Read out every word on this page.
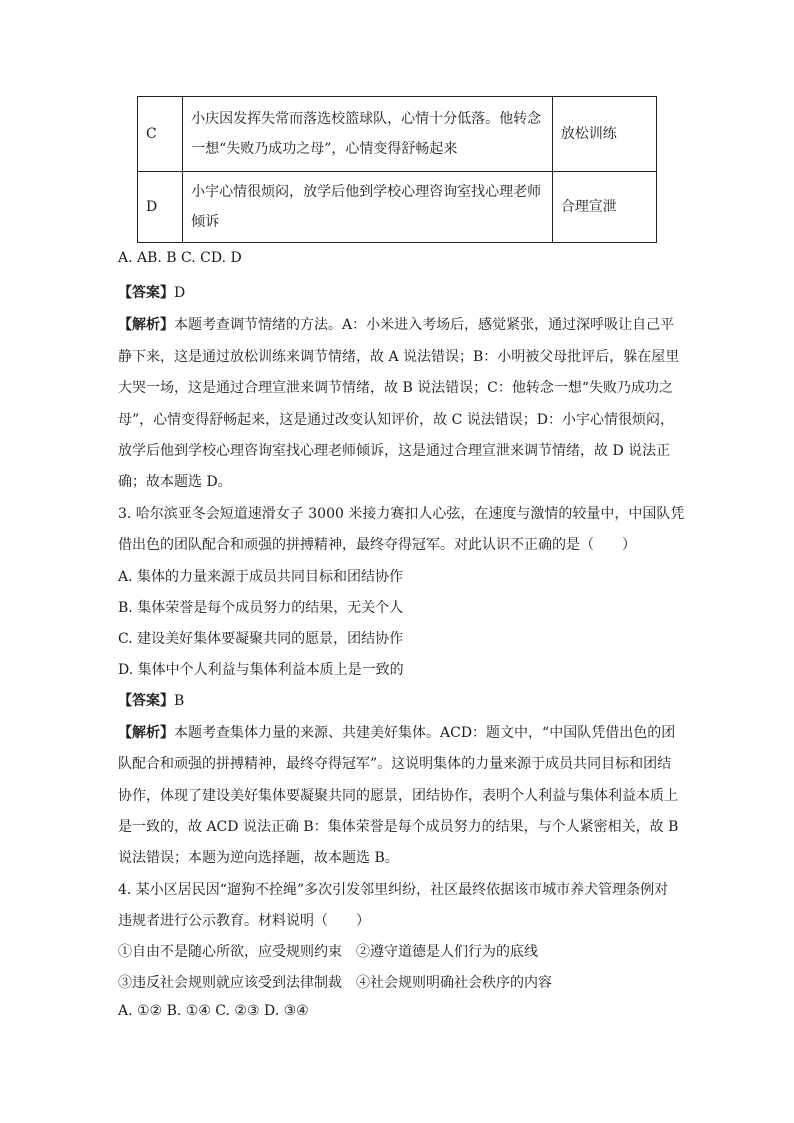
C	小庆因发挥失常而落选校篮球队，心情十分低落。他转念
一想“失败乃成功之母”，心情变得舒畅起来	放松训练
D	小宇心情很烦闷，放学后他到学校心理咨询室找心理老师
倾诉	合理宣泄
A. AB. B C. CD. D
【答案】D
【解析】本题考查调节情绪的方法。A：小米进入考场后，感觉紧张，通过深呼吸让自己平
静下来，这是通过放松训练来调节情绪，故 A 说法错误；B：小明被父母批评后，躲在屋里
大哭一场，这是通过合理宣泄来调节情绪，故 B 说法错误；C：他转念一想“失败乃成功之
母”，心情变得舒畅起来，这是通过改变认知评价，故 C 说法错误；D：小宇心情很烦闷，
放学后他到学校心理咨询室找心理老师倾诉，这是通过合理宣泄来调节情绪，故 D 说法正
确；故本题选 D。
3. 哈尔滨亚冬会短道速滑女子 3000 米接力赛扣人心弦，在速度与激情的较量中，中国队凭
借出色的团队配合和顽强的拼搏精神，最终夺得冠军。对此认识不正确的是（　　）
A. 集体的力量来源于成员共同目标和团结协作
B. 集体荣誉是每个成员努力的结果，无关个人
C. 建设美好集体要凝聚共同的愿景，团结协作
D. 集体中个人利益与集体利益本质上是一致的
【答案】B
【解析】本题考查集体力量的来源、共建美好集体。ACD：题文中，“中国队凭借出色的团
队配合和顽强的拼搏精神，最终夺得冠军”。这说明集体的力量来源于成员共同目标和团结
协作，体现了建设美好集体要凝聚共同的愿景，团结协作，表明个人利益与集体利益本质上
是一致的，故 ACD 说法正确 B：集体荣誉是每个成员努力的结果，与个人紧密相关，故 B
说法错误；本题为逆向选择题，故本题选 B。
4. 某小区居民因“遛狗不拴绳”多次引发邻里纠纷，社区最终依据该市城市养犬管理条例对
违规者进行公示教育。材料说明（　　）
①自由不是随心所欲，应受规则约束　②遵守道德是人们行为的底线
③违反社会规则就应该受到法律制裁　④社会规则明确社会秩序的内容
A. ①② B. ①④ C. ②③ D. ③④
